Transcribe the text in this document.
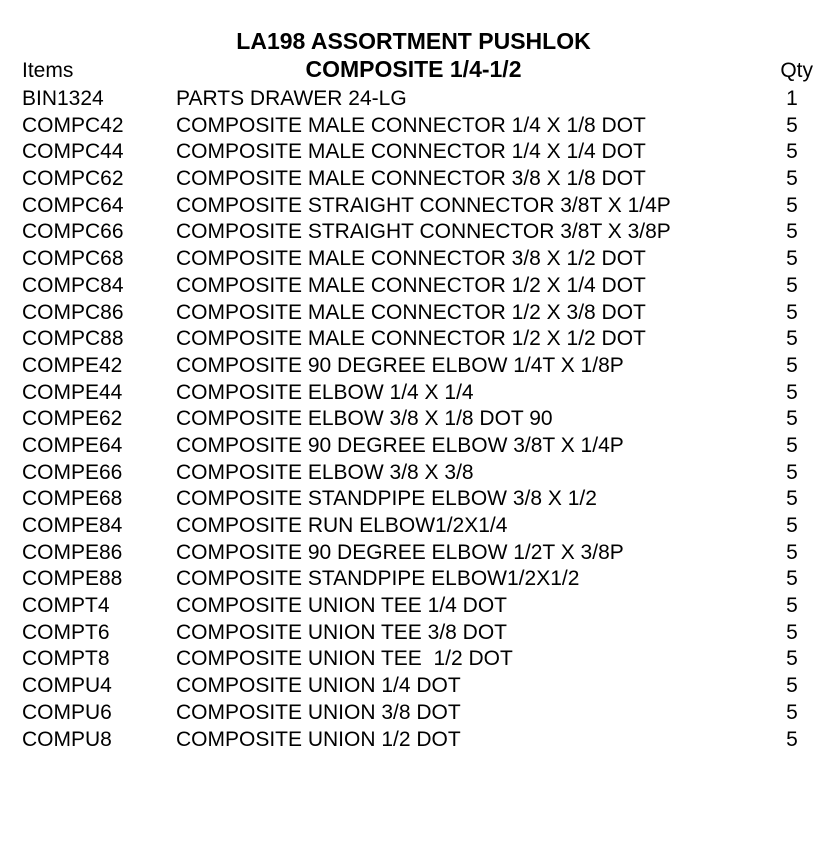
LA198 ASSORTMENT PUSHLOK
COMPOSITE 1/4-1/2
Items	Qty
BIN1324	PARTS DRAWER 24-LG	1
COMPC42 COMPOSITE MALE CONNECTOR 1/4 X 1/8 DOT	5
COMPC44 COMPOSITE MALE CONNECTOR 1/4 X 1/4 DOT	5
COMPC62 COMPOSITE MALE CONNECTOR 3/8 X 1/8 DOT	5
COMPC64 COMPOSITE STRAIGHT CONNECTOR 3/8T X 1/4P	5
COMPC66 COMPOSITE STRAIGHT CONNECTOR 3/8T X 3/8P	5
COMPC68 COMPOSITE MALE CONNECTOR 3/8 X 1/2 DOT	5
COMPC84 COMPOSITE MALE CONNECTOR 1/2 X 1/4 DOT	5
COMPC86 COMPOSITE MALE CONNECTOR 1/2 X 3/8 DOT	5
COMPC88 COMPOSITE MALE CONNECTOR 1/2 X 1/2 DOT	5
COMPE42	COMPOSITE 90 DEGREE ELBOW 1/4T X 1/8P	5
COMPE44	COMPOSITE ELBOW 1/4 X 1/4	5
COMPE62	COMPOSITE ELBOW 3/8 X 1/8 DOT 90	5
COMPE64	COMPOSITE 90 DEGREE ELBOW 3/8T X 1/4P	5
COMPE66	COMPOSITE ELBOW 3/8 X 3/8	5
COMPE68	COMPOSITE STANDPIPE ELBOW 3/8 X 1/2	5
COMPE84	COMPOSITE RUN ELBOW1/2X1/4	5
COMPE86	COMPOSITE 90 DEGREE ELBOW 1/2T X 3/8P	5
COMPE88	COMPOSITE STANDPIPE ELBOW1/2X1/2	5
COMPT4	COMPOSITE UNION TEE 1/4 DOT	5
COMPT6	COMPOSITE UNION TEE 3/8 DOT	5
COMPT8	COMPOSITE UNION TEE  1/2 DOT	5
COMPU4	COMPOSITE UNION 1/4 DOT	5
COMPU6	COMPOSITE UNION 3/8 DOT	5
COMPU8	COMPOSITE UNION 1/2 DOT	5
